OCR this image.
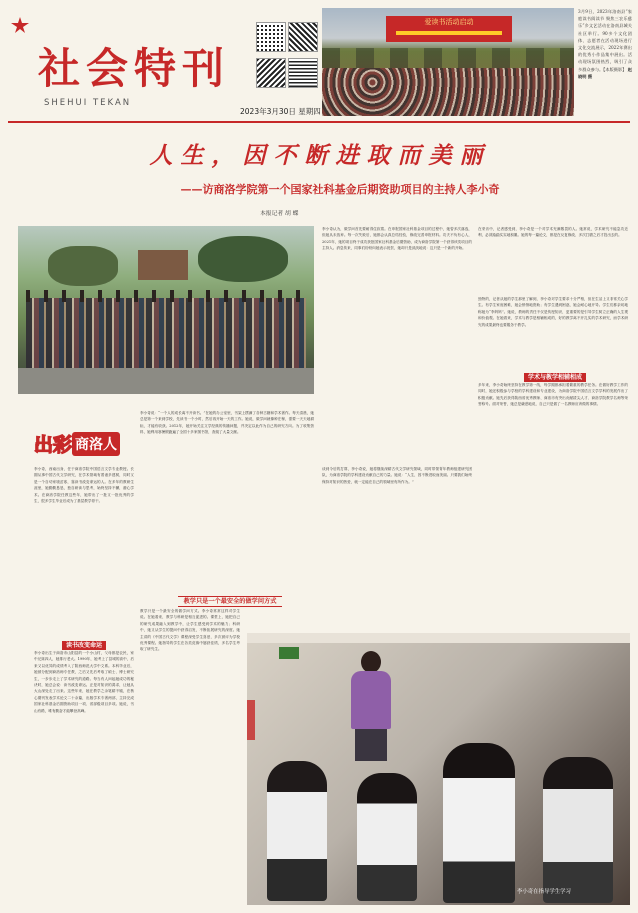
社会特刊
SHEHUI TEKAN
2023年3月30日 星期四
爱读书活动启动
3月9日，2023年洛南县“家庭读书阅读节 聚焦三农乐慈乐”乡文艺活动在洛南县城关社区举行。90多个文化团体、志愿者在活动现场进行文化交流展示，2022年赛出的优秀小作品集中展出。活动现场氛围热烈，吸引了众多群众参与。【本版摄影】 赵晓明 摄
人生，因不断进取而美丽
——访商洛学院第一个国家社科基金后期资助项目的主持人李小奇
本报记者 胡 蝶
出彩 商洛人
李小奇，西南出身，任于商洛学院中国语言文学专业教授。长期从事中国古代文学研究，在学术领域有着诸多建树，同时又是一个自幼家境贫寒，靠读书改变命运的人。在多年的教研生涯里，她勤勤恳恳，独自研读与思考，始终坚持不懈，潜心学术。在商洛学院任教这些年，她带出了一批又一批优秀的学生，很多学生毕业后成为了基层教学骨干。
读书改变命运
李小奇出生于商洛市山阳县的一个小山村，父母都是农民，家中兄妹四人，她排行老大。1990年，她考上了县城的高中，后来又以优异的成绩考入了陕西师范大学中文系。本科毕业后，她被分配到商洛师专任教，之后又先后考取了硕士、博士研究生，一步步走上了学术研究的道路。每当有人问起她成功的秘诀时，她总会说：读书改变命运。正是对知识的渴求，让她从大山深处走了出来。这些年来，她在教学之余笔耕不辍，在核心期刊发表学术论文二十余篇，出版学术专著两部，主持完成国家社科基金后期资助项目一项、省部级项目多项。她说，书山有路，唯有勤奋才能攀登高峰。
李小奇说：“一个人的成长离不开读书。”在她的办公室里，书架上摆满了各种古籍和学术著作。每天清晨，她总是第一个来到学校，先读书一个小时，然后再开始一天的工作。她说，做学问就像种庄稼，需要一天天地耕耘，才能有收获。2012年，她开始关注文学经典的传播问题，并决定以此作为自己的研究方向。为了收集资料，她利用寒暑假跑遍了全国十多家图书馆，查阅了大量文献。
教学只是一个最安全的做学问方式
教学只是一个最安全的做学问方式。李小奇常常这样对学生说。在她看来，教学与科研是相互促进的。课堂上，她把自己的研究成果融入到教学中，让学生感受到学术的魅力；科研中，她又从学生的提问中获得启发，不断拓展研究的深度。她主讲的《中国古代文学》课程深受学生喜爱，多次被评为学校优秀课程。她指导的学生在各类竞赛中屡获佳绩，多名学生考取了研究生。
李小奇认为，做学问首先要耐得住寂寞。在申报国家社科基金项目的过程中，她曾多次落选，但她从未放弃。每一次失败后，她都会认真总结经验，修改完善申报材料。功夫不负有心人，2021年，她的项目终于成功获批国家社科基金后期资助，成为商洛学院第一个获得该类项目的主持人。消息传来，同事们纷纷向她表示祝贺，她却只是淡淡地说：这只是一个新的开始。
谈到今后的打算，李小奇说，她将继续深耕古代文学研究领域，同时带领青年教师组建研究团队，为商洛学院的学科建设贡献自己的力量。她说：“人生，因不断进取而美丽。只要我们始终保持对知识的热爱，就一定能在自己的领域里有所作为。”
在采访中，记者感受到，李小奇是一个对学术充满敬畏的人。她常说，学术研究不能急功近利，必须踏踏实实地积累。她的每一篇论文，都是在反复修改、多次打磨之后才投出去的。
独特的，记者从她的学生那里了解到，李小奇对学生要求十分严格，但在生活上又非常关心学生。有学生家庭困难，她会悄悄地资助；有学生遇到困惑，她会耐心地开导。学生们都亲切地称她为“李妈妈”。她说，教师的责任不仅是传授知识，更重要的是引导学生树立正确的人生观和价值观。在她看来，学术与教学是相辅相成的，好的教学离不开扎实的学术研究，而学术研究的成果最终也要服务于教学。
学术与教学相辅相成
多年来，李小奇始终坚持在教学第一线，每学期都承担着繁重的教学任务。在做好教学工作的同时，她还积极参与学校的学科建设和专业建设，为商洛学院中国语言文学学科的发展作出了积极贡献。她先后获得陕西省优秀教师、商洛市有突出贡献拔尖人才、商洛学院教学名师等荣誉称号。面对荣誉，她总是谦虚地说，自己只是做了一名教师应该做的事情。
李小奇在指导学生学习
